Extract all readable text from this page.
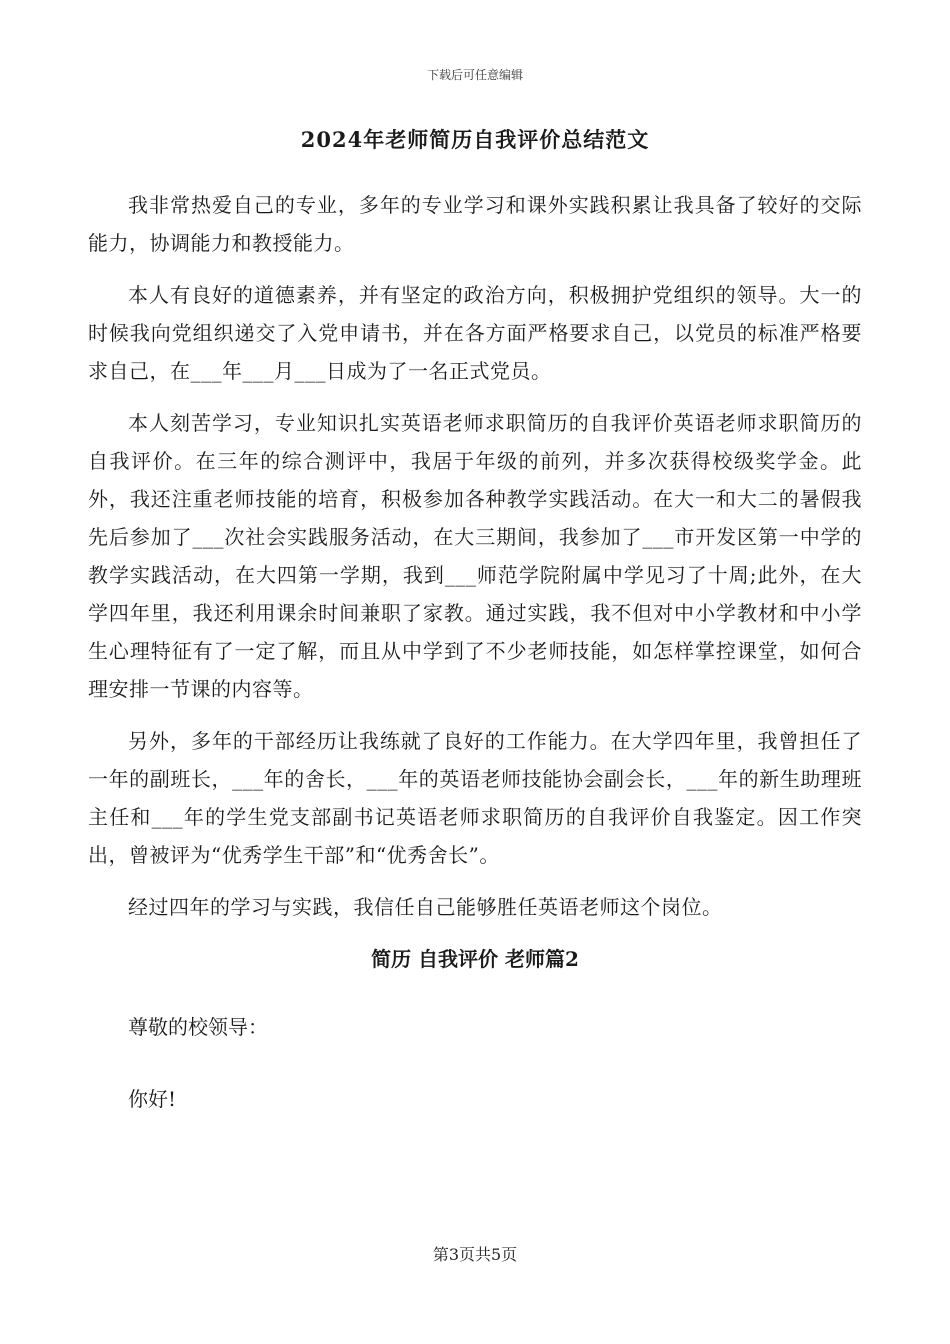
下载后可任意编辑
2024年老师简历自我评价总结范文

我非常热爱自己的专业，多年的专业学习和课外实践积累让我具备了较好的交际能力，协调能力和教授能力。

本人有良好的道德素养，并有坚定的政治方向，积极拥护党组织的领导。大一的时候我向党组织递交了入党申请书，并在各方面严格要求自己，以党员的标准严格要求自己，在___年___月___日成为了一名正式党员。

本人刻苦学习，专业知识扎实英语老师求职简历的自我评价英语老师求职简历的自我评价。在三年的综合测评中，我居于年级的前列，并多次获得校级奖学金。此外，我还注重老师技能的培育，积极参加各种教学实践活动。在大一和大二的暑假我先后参加了___次社会实践服务活动，在大三期间，我参加了___市开发区第一中学的教学实践活动，在大四第一学期，我到___师范学院附属中学见习了十周;此外，在大学四年里，我还利用课余时间兼职了家教。通过实践，我不但对中小学教材和中小学生心理特征有了一定了解，而且从中学到了不少老师技能，如怎样掌控课堂，如何合理安排一节课的内容等。

另外，多年的干部经历让我练就了良好的工作能力。在大学四年里，我曾担任了一年的副班长，___年的舍长，___年的英语老师技能协会副会长，___年的新生助理班主任和___年的学生党支部副书记英语老师求职简历的自我评价自我鉴定。因工作突出，曾被评为“优秀学生干部”和“优秀舍长”。

经过四年的学习与实践，我信任自己能够胜任英语老师这个岗位。

简历 自我评价 老师篇2

尊敬的校领导：

你好!

第3页共5页
